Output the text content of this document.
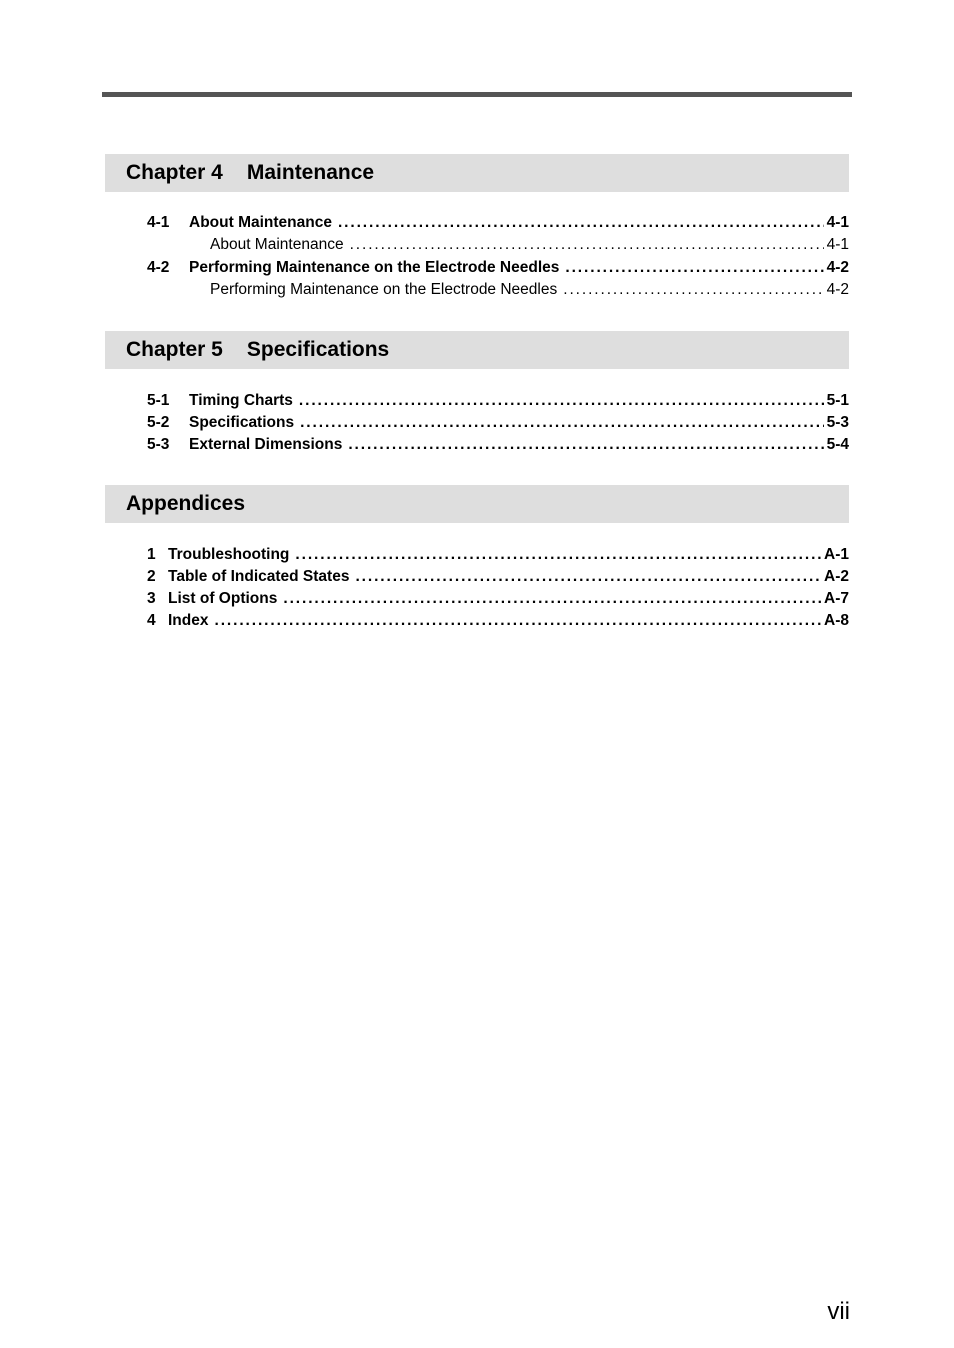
Chapter 4 Maintenance
4-1	About Maintenance . . .	4-1
About Maintenance . . .	4-1
4-2	Performing Maintenance on the Electrode Needles . . .	4-2
Performing Maintenance on the Electrode Needles . . .	4-2
Chapter 5 Specifications
5-1	Timing Charts . . .	5-1
5-2	Specifications . . .	5-3
5-3	External Dimensions . . .	5-4
Appendices
1 Troubleshooting . . .	A-1
2 Table of Indicated States . . .	A-2
3 List of Options . . .	A-7
4 Index . . .	A-8
vii
